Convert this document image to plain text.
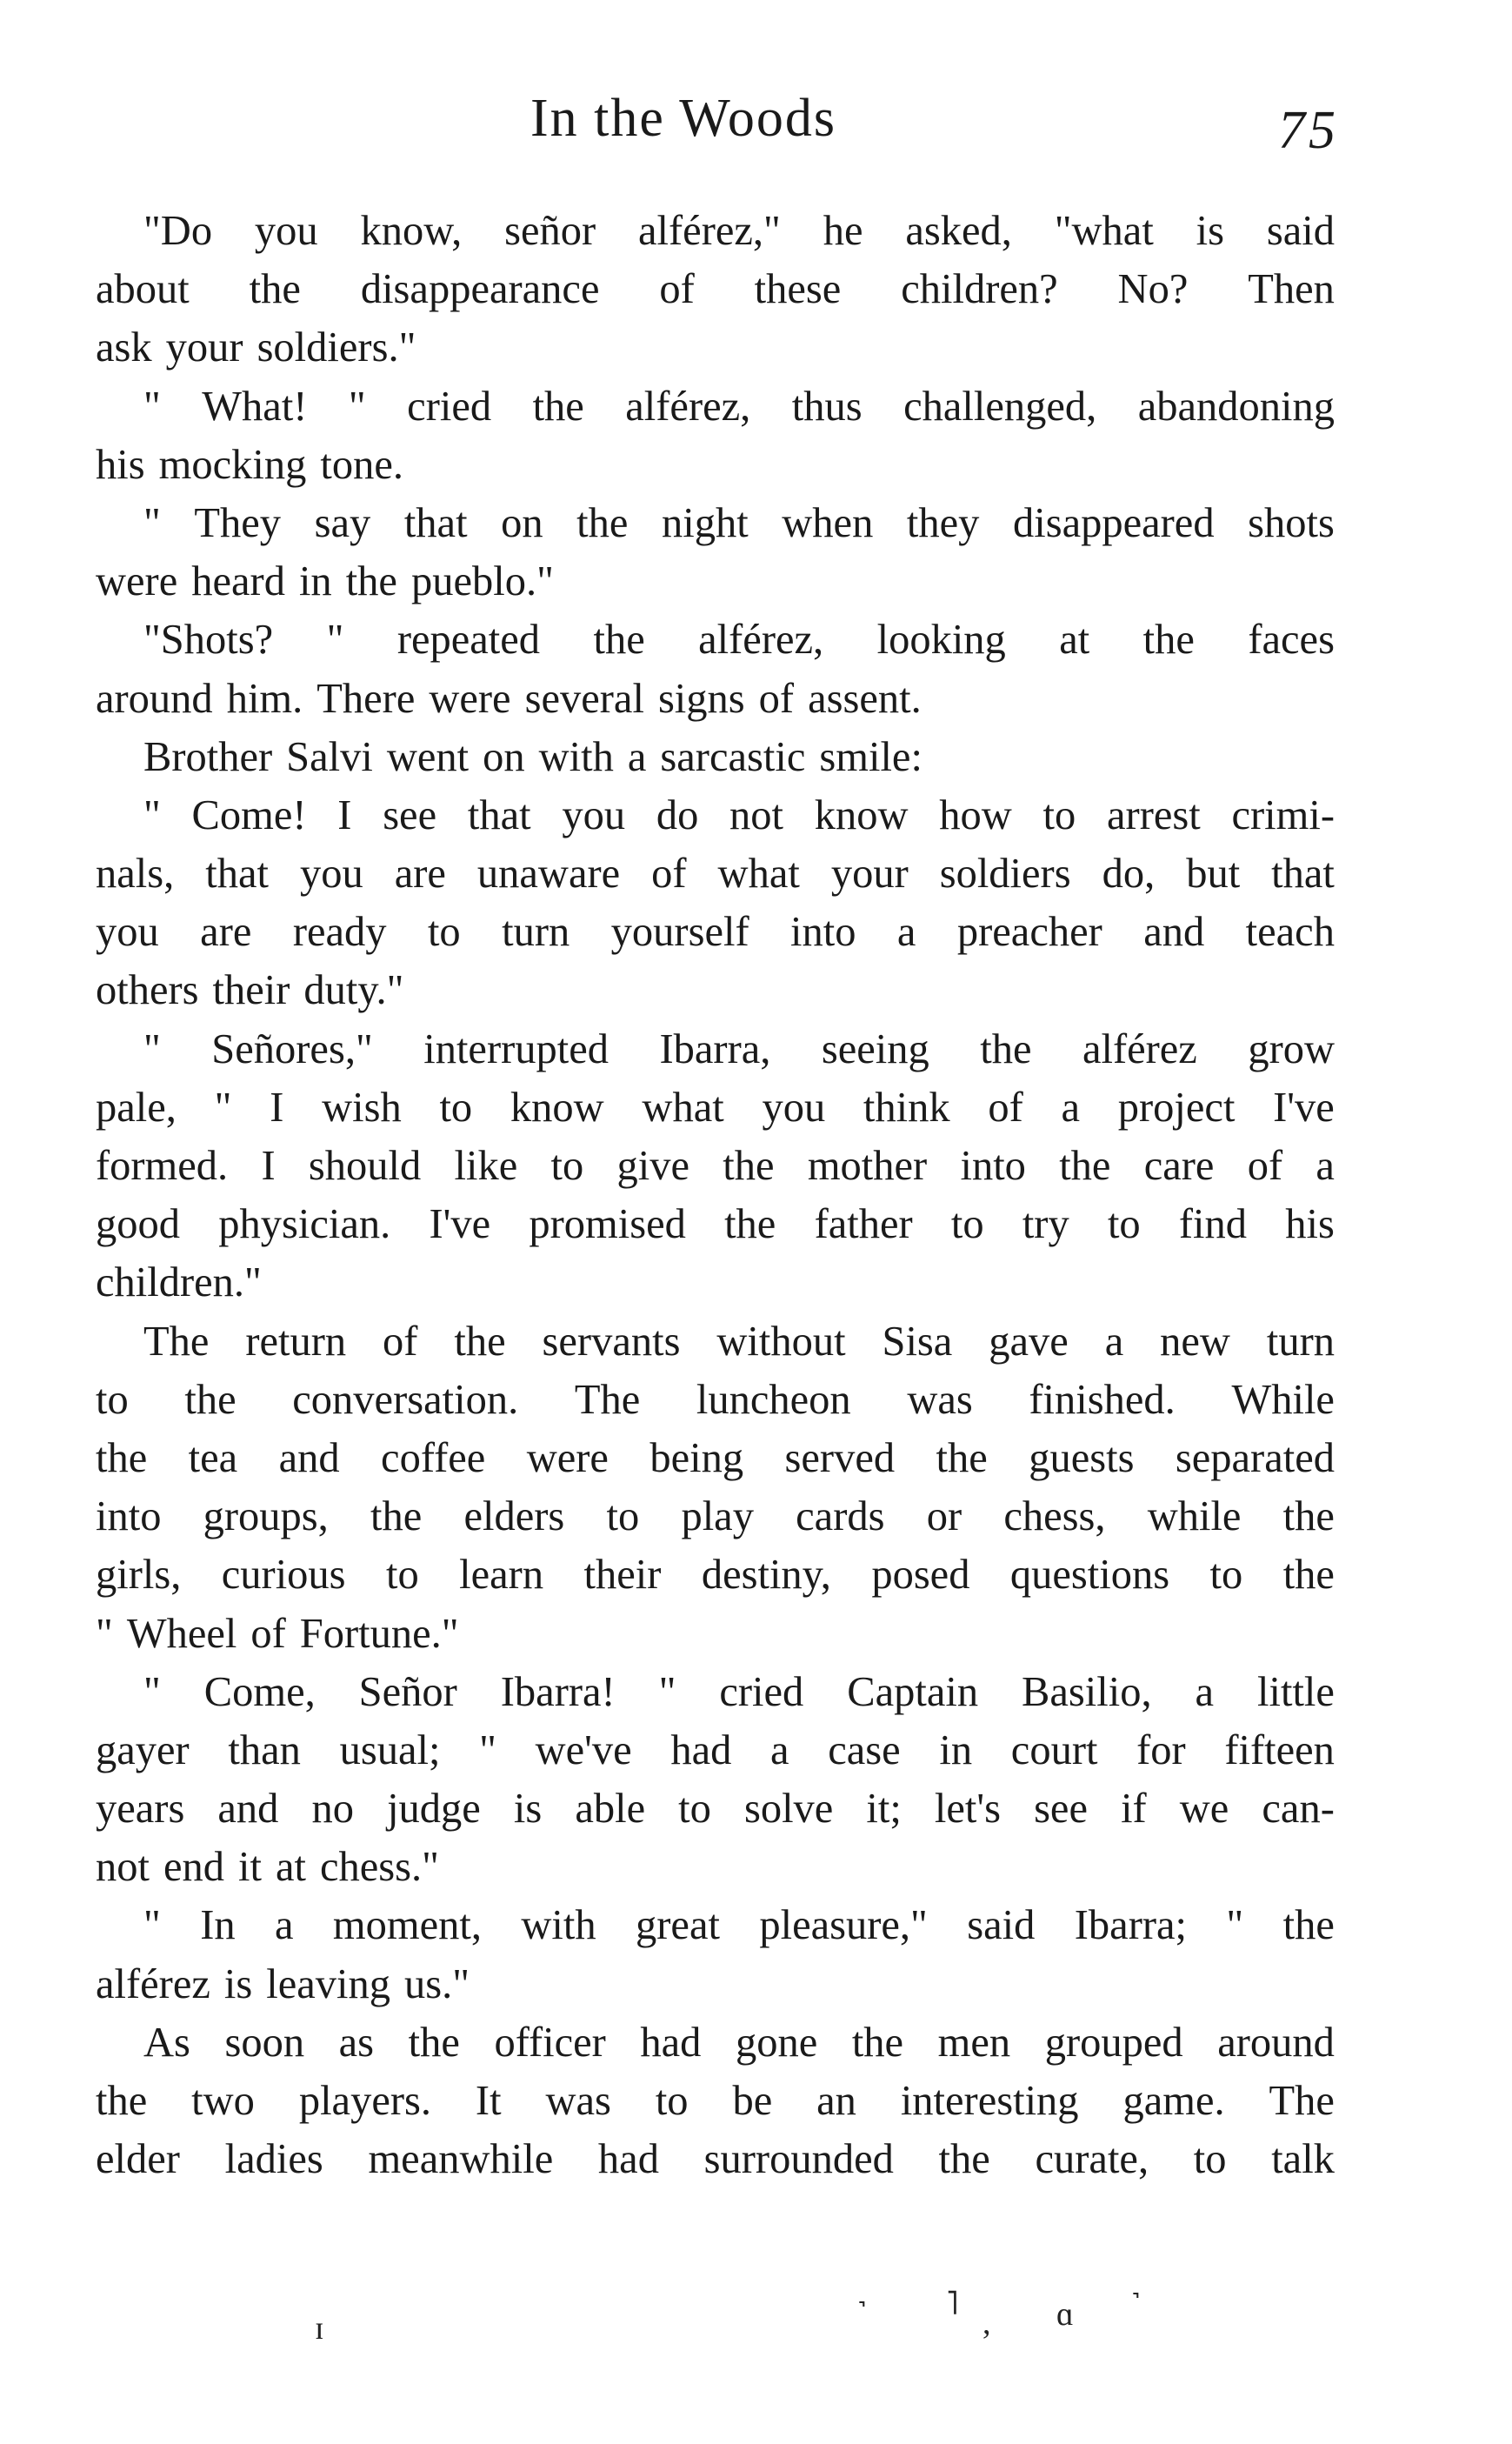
In the Woods	75
"Do you know, señor alférez," he asked, "what is said
about the disappearance of these children? No? Then
ask your soldiers."
" What! " cried the alférez, thus challenged, abandoning
his mocking tone.
" They say that on the night when they disappeared shots
were heard in the pueblo."
"Shots? " repeated the alférez, looking at the faces
around him. There were several signs of assent.
Brother Salvi went on with a sarcastic smile:
" Come! I see that you do not know how to arrest crimi-
nals, that you are unaware of what your soldiers do, but that
you are ready to turn yourself into a preacher and teach
others their duty."
" Señores," interrupted Ibarra, seeing the alférez grow
pale, " I wish to know what you think of a project I've
formed. I should like to give the mother into the care of a
good physician. I've promised the father to try to find his
children."
The return of the servants without Sisa gave a new turn
to the conversation. The luncheon was finished. While
the tea and coffee were being served the guests separated
into groups, the elders to play cards or chess, while the
girls, curious to learn their destiny, posed questions to the
" Wheel of Fortune."
" Come, Señor Ibarra! " cried Captain Basilio, a little
gayer than usual; " we've had a case in court for fifteen
years and no judge is able to solve it; let's see if we can-
not end it at chess."
" In a moment, with great pleasure," said Ibarra; " the
alférez is leaving us."
As soon as the officer had gone the men grouped around
the two players. It was to be an interesting game. The
elder ladies meanwhile had surrounded the curate, to talk
ɪ	˺ ˥
, ɑ ˺
